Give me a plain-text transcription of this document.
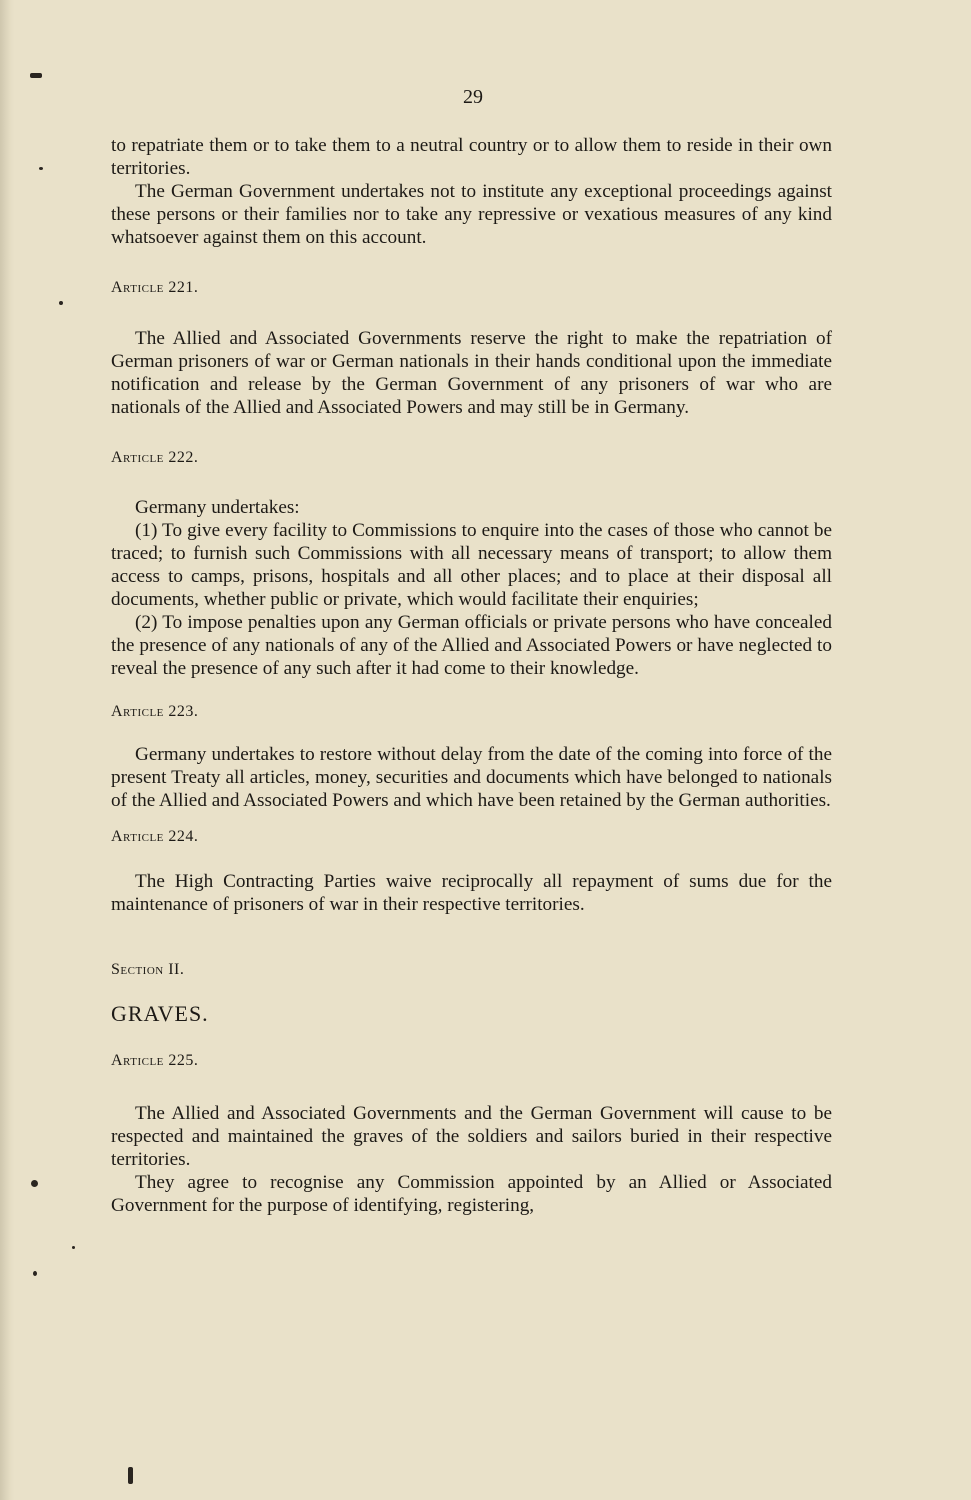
29

to repatriate them or to take them to a neutral country or to allow them to reside in their own territories.

The German Government undertakes not to institute any exceptional proceedings against these persons or their families nor to take any repressive or vexatious measures of any kind whatsoever against them on this account.

Article 221.

The Allied and Associated Governments reserve the right to make the repatriation of German prisoners of war or German nationals in their hands conditional upon the immediate notification and release by the German Government of any prisoners of war who are nationals of the Allied and Associated Powers and may still be in Germany.

Article 222.

Germany undertakes:

(1) To give every facility to Commissions to enquire into the cases of those who cannot be traced; to furnish such Commissions with all necessary means of transport; to allow them access to camps, prisons, hospitals and all other places; and to place at their disposal all documents, whether public or private, which would facilitate their enquiries;

(2) To impose penalties upon any German officials or private persons who have concealed the presence of any nationals of any of the Allied and Associated Powers or have neglected to reveal the presence of any such after it had come to their knowledge.

Article 223.

Germany undertakes to restore without delay from the date of the coming into force of the present Treaty all articles, money, securities and documents which have belonged to nationals of the Allied and Associated Powers and which have been retained by the German authorities.

Article 224.

The High Contracting Parties waive reciprocally all repayment of sums due for the maintenance of prisoners of war in their respective territories.

Section II.

GRAVES.

Article 225.

The Allied and Associated Governments and the German Government will cause to be respected and maintained the graves of the soldiers and sailors buried in their respective territories.

They agree to recognise any Commission appointed by an Allied or Associated Government for the purpose of identifying, registering,
